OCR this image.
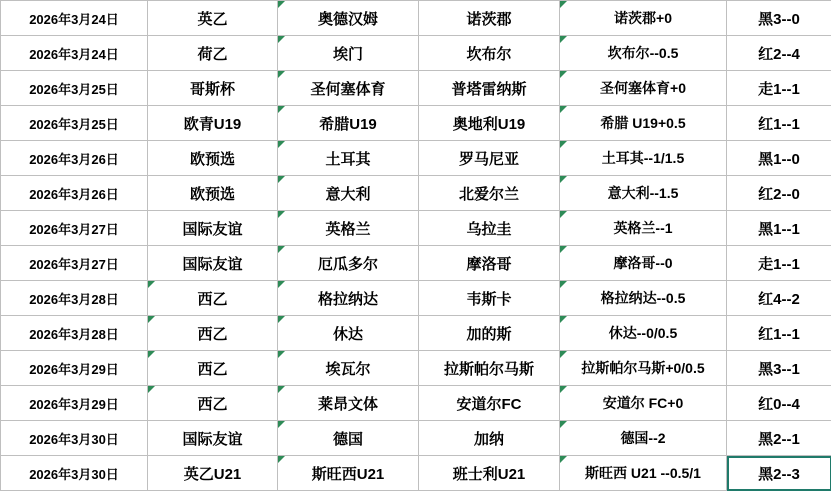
2026年3月24日	英乙	奥德汉姆	诺茨郡	诺茨郡+0	黑3--0
2026年3月24日	荷乙	埃门	坎布尔	坎布尔--0.5	红2--4
2026年3月25日	哥斯杯	圣何塞体育	普塔雷纳斯	圣何塞体育+0	走1--1
2026年3月25日	欧青U19	希腊U19	奥地利U19	希腊 U19+0.5	红1--1
2026年3月26日	欧预选	土耳其	罗马尼亚	土耳其--1/1.5	黑1--0
2026年3月26日	欧预选	意大利	北爱尔兰	意大利--1.5	红2--0
2026年3月27日	国际友谊	英格兰	乌拉圭	英格兰--1	黑1--1
2026年3月27日	国际友谊	厄瓜多尔	摩洛哥	摩洛哥--0	走1--1
2026年3月28日	西乙	格拉纳达	韦斯卡	格拉纳达--0.5	红4--2
2026年3月28日	西乙	休达	加的斯	休达--0/0.5	红1--1
2026年3月29日	西乙	埃瓦尔	拉斯帕尔马斯	拉斯帕尔马斯+0/0.5	黑3--1
2026年3月29日	西乙	莱昂文体	安道尔FC	安道尔 FC+0	红0--4
2026年3月30日	国际友谊	德国	加纳	德国--2	黑2--1
2026年3月30日	英乙U21	斯旺西U21	班士利U21	斯旺西 U21 --0.5/1	黑2--3
